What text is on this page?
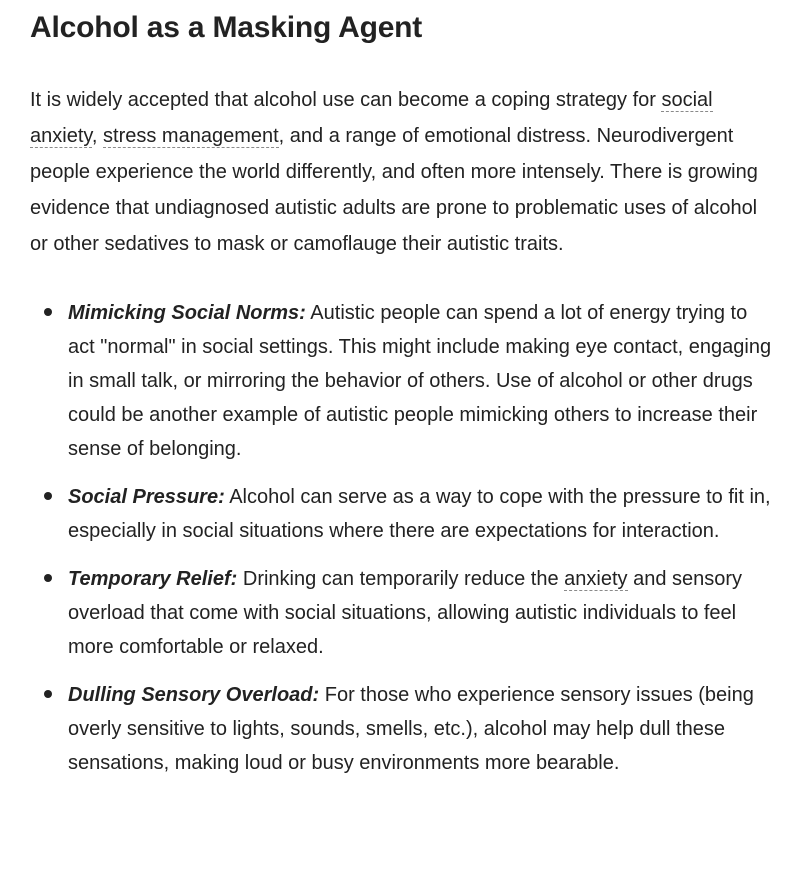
Alcohol as a Masking Agent

It is widely accepted that alcohol use can become a coping strategy for social anxiety, stress management, and a range of emotional distress. Neurodivergent people experience the world differently, and often more intensely. There is growing evidence that undiagnosed autistic adults are prone to problematic uses of alcohol or other sedatives to mask or camoflauge their autistic traits.

Mimicking Social Norms: Autistic people can spend a lot of energy trying to act "normal" in social settings. This might include making eye contact, engaging in small talk, or mirroring the behavior of others. Use of alcohol or other drugs could be another example of autistic people mimicking others to increase their sense of belonging.
Social Pressure: Alcohol can serve as a way to cope with the pressure to fit in, especially in social situations where there are expectations for interaction.
Temporary Relief: Drinking can temporarily reduce the anxiety and sensory overload that come with social situations, allowing autistic individuals to feel more comfortable or relaxed.
Dulling Sensory Overload: For those who experience sensory issues (being overly sensitive to lights, sounds, smells, etc.), alcohol may help dull these sensations, making loud or busy environments more bearable.
